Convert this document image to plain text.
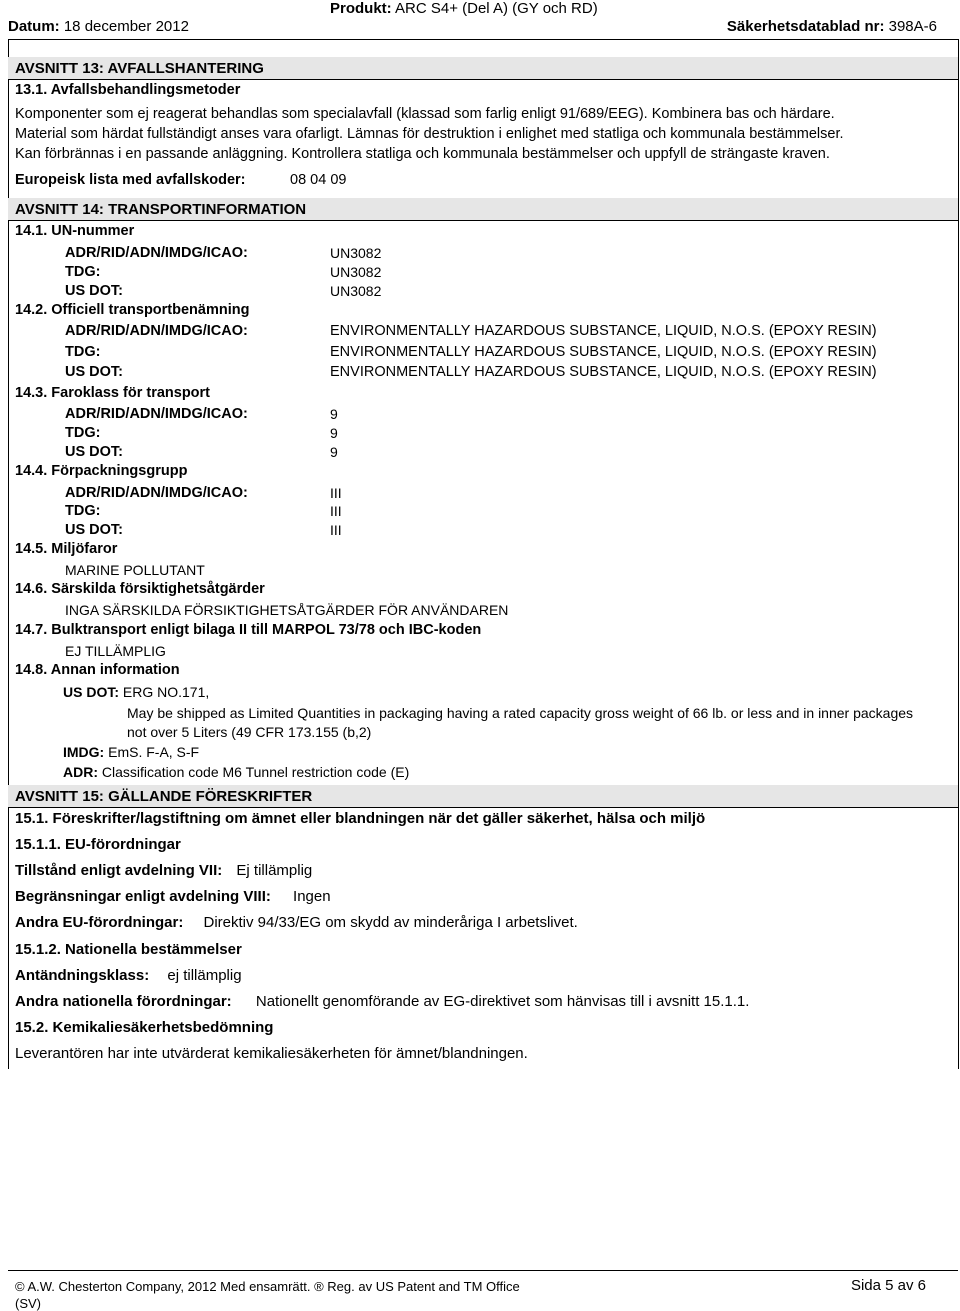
Datum: 18 december 2012
Produkt: ARC S4+ (Del A) (GY och RD)
Säkerhetsdatablad nr: 398A-6
AVSNITT 13: AVFALLSHANTERING
13.1. Avfallsbehandlingsmetoder
Komponenter som ej reagerat behandlas som specialavfall (klassad som farlig enligt 91/689/EEG). Kombinera bas och härdare.
Material som härdat fullständigt anses vara ofarligt. Lämnas för destruktion i enlighet med statliga och kommunala bestämmelser.
Kan förbrännas i en passande anläggning. Kontrollera statliga och kommunala bestämmelser och uppfyll de strängaste kraven.
Europeisk lista med avfallskoder:	08 04 09
AVSNITT 14: TRANSPORTINFORMATION
14.1. UN-nummer
ADR/RID/ADN/IMDG/ICAO:	UN3082
TDG:	UN3082
US DOT:	UN3082
14.2. Officiell transportbenämning
ADR/RID/ADN/IMDG/ICAO:	ENVIRONMENTALLY HAZARDOUS SUBSTANCE, LIQUID, N.O.S. (EPOXY RESIN)
TDG:	ENVIRONMENTALLY HAZARDOUS SUBSTANCE, LIQUID, N.O.S. (EPOXY RESIN)
US DOT:	ENVIRONMENTALLY HAZARDOUS SUBSTANCE, LIQUID, N.O.S. (EPOXY RESIN)
14.3. Faroklass för transport
ADR/RID/ADN/IMDG/ICAO:	9
TDG:	9
US DOT:	9
14.4. Förpackningsgrupp
ADR/RID/ADN/IMDG/ICAO:	III
TDG:	III
US DOT:	III
14.5. Miljöfaror
MARINE POLLUTANT
14.6. Särskilda försiktighetsåtgärder
INGA SÄRSKILDA FÖRSIKTIGHETSÅTGÄRDER FÖR ANVÄNDAREN
14.7. Bulktransport enligt bilaga II till MARPOL 73/78 och IBC-koden
EJ TILLÄMPLIG
14.8. Annan information
US DOT: ERG NO.171,
May be shipped as Limited Quantities in packaging having a rated capacity gross weight of 66 lb. or less and in inner packages
not over 5 Liters (49 CFR 173.155 (b,2)
IMDG: EmS. F-A, S-F
ADR: Classification code M6 Tunnel restriction code (E)
AVSNITT 15: GÄLLANDE FÖRESKRIFTER
15.1. Föreskrifter/lagstiftning om ämnet eller blandningen när det gäller säkerhet, hälsa och miljö
15.1.1. EU-förordningar
Tillstånd enligt avdelning VII: Ej tillämplig
Begränsningar enligt avdelning VIII: Ingen
Andra EU-förordningar: Direktiv 94/33/EG om skydd av minderåriga I arbetslivet.
15.1.2. Nationella bestämmelser
Antändningsklass: ej tillämplig
Andra nationella förordningar: Nationellt genomförande av EG-direktivet som hänvisas till i avsnitt 15.1.1.
15.2. Kemikaliesäkerhetsbedömning
Leverantören har inte utvärderat kemikaliesäkerheten för ämnet/blandningen.
© A.W. Chesterton Company, 2012 Med ensamrätt. ® Reg. av US Patent and TM Office
(SV)
Sida 5 av 6
